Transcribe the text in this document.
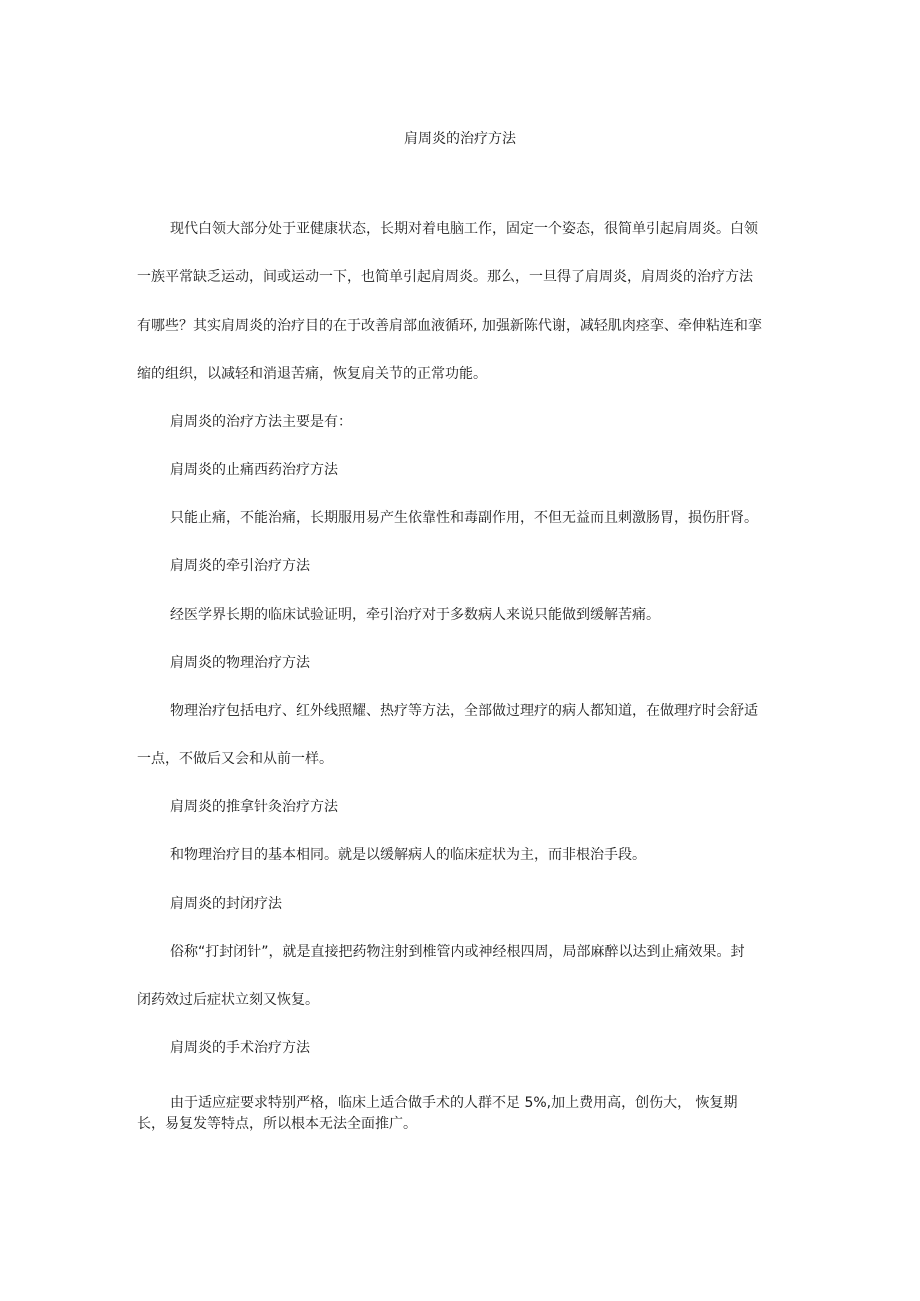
肩周炎的治疗方法
现代白领大部分处于亚健康状态，长期对着电脑工作，固定一个姿态，很简单引起肩周炎。白领
一族平常缺乏运动，间或运动一下，也简单引起肩周炎。那么，一旦得了肩周炎，肩周炎的治疗方法
有哪些？其实肩周炎的治疗目的在于改善肩部血液循环, 加强新陈代谢，减轻肌肉痉挛、牵伸粘连和挛
缩的组织，以减轻和消退苦痛，恢复肩关节的正常功能。
肩周炎的治疗方法主要是有：
肩周炎的止痛西药治疗方法
只能止痛，不能治痛，长期服用易产生依靠性和毒副作用，不但无益而且刺激肠胃，损伤肝肾。
肩周炎的牵引治疗方法
经医学界长期的临床试验证明，牵引治疗对于多数病人来说只能做到缓解苦痛。
肩周炎的物理治疗方法
物理治疗包括电疗、红外线照耀、热疗等方法，全部做过理疗的病人都知道，在做理疗时会舒适
一点，不做后又会和从前一样。
肩周炎的推拿针灸治疗方法
和物理治疗目的基本相同。就是以缓解病人的临床症状为主，而非根治手段。
肩周炎的封闭疗法
俗称“打封闭针”，就是直接把药物注射到椎管内或神经根四周，局部麻醉以达到止痛效果。封
闭药效过后症状立刻又恢复。
肩周炎的手术治疗方法
由于适应症要求特别严格，临床上适合做手术的人群不足 5%,加上费用高，创伤大， 恢复期
长，易复发等特点，所以根本无法全面推广。
